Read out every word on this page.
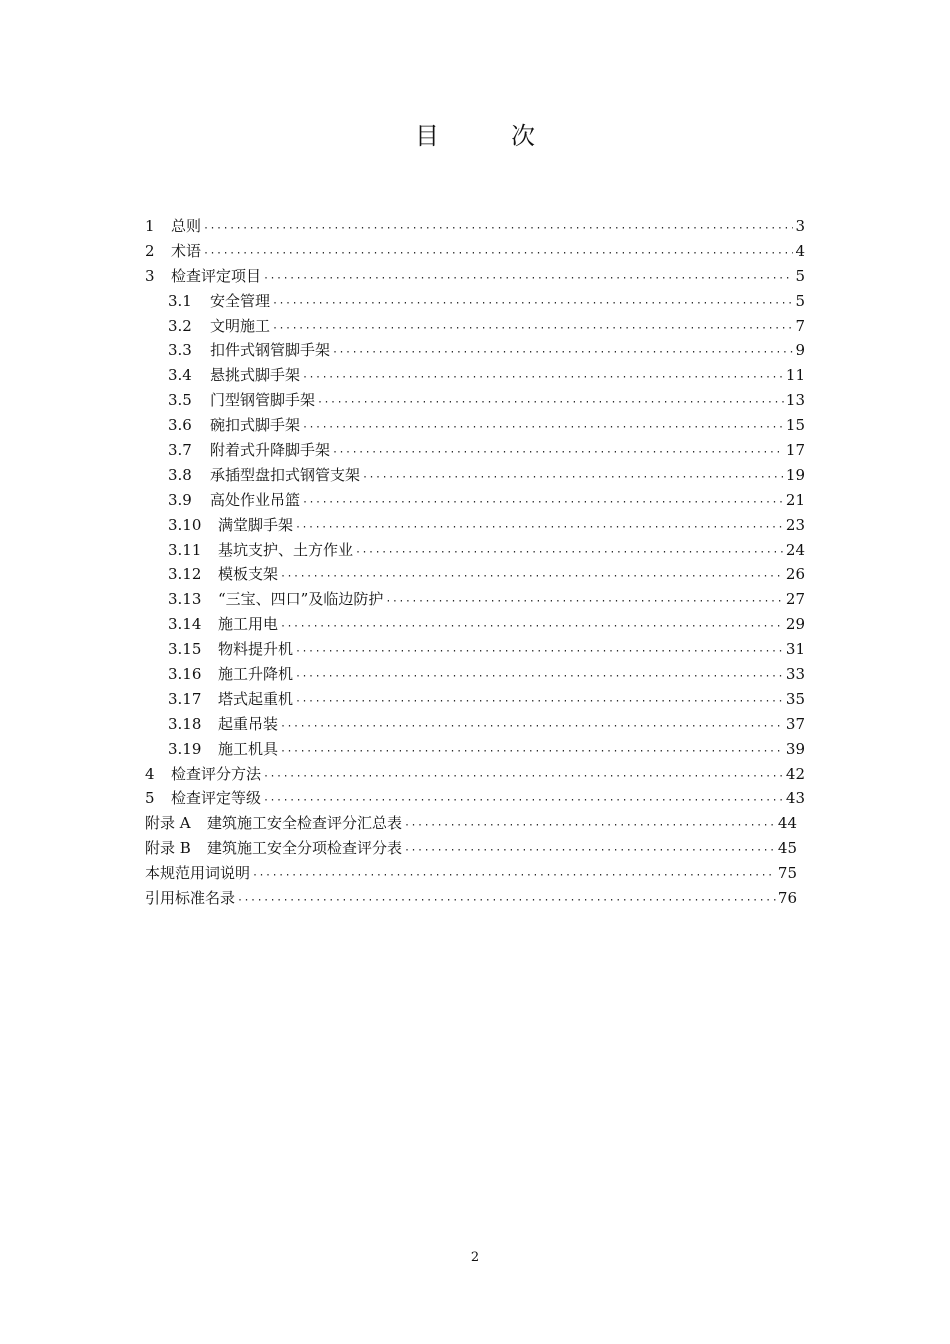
目	次
1	总则 ·····	3
2	术语 ·····	4
3	检查评定项目 ·····	5
3.1	安全管理 ·····	5
3.2	文明施工 ·····	7
3.3	扣件式钢管脚手架 ·····	9
3.4	悬挑式脚手架 ·····	11
3.5	门型钢管脚手架 ·····	13
3.6	碗扣式脚手架 ·····	15
3.7	附着式升降脚手架 ·····	17
3.8	承插型盘扣式钢管支架 ·····	19
3.9	高处作业吊篮 ·····	21
3.10	满堂脚手架 ·····	23
3.11	基坑支护、土方作业 ·····	24
3.12	模板支架 ·····	26
3.13	“三宝、四口”及临边防护 ·····	27
3.14	施工用电 ·····	29
3.15	物料提升机 ·····	31
3.16	施工升降机 ·····	33
3.17	塔式起重机 ·····	35
3.18	起重吊装 ·····	37
3.19	施工机具 ·····	39
4	检查评分方法 ·····	42
5	检查评定等级 ·····	43
附录 A	建筑施工安全检查评分汇总表 ·····	44
附录 B	建筑施工安全分项检查评分表 ·····	45
本规范用词说明 ·····	75
引用标准名录 ·····	76
2
